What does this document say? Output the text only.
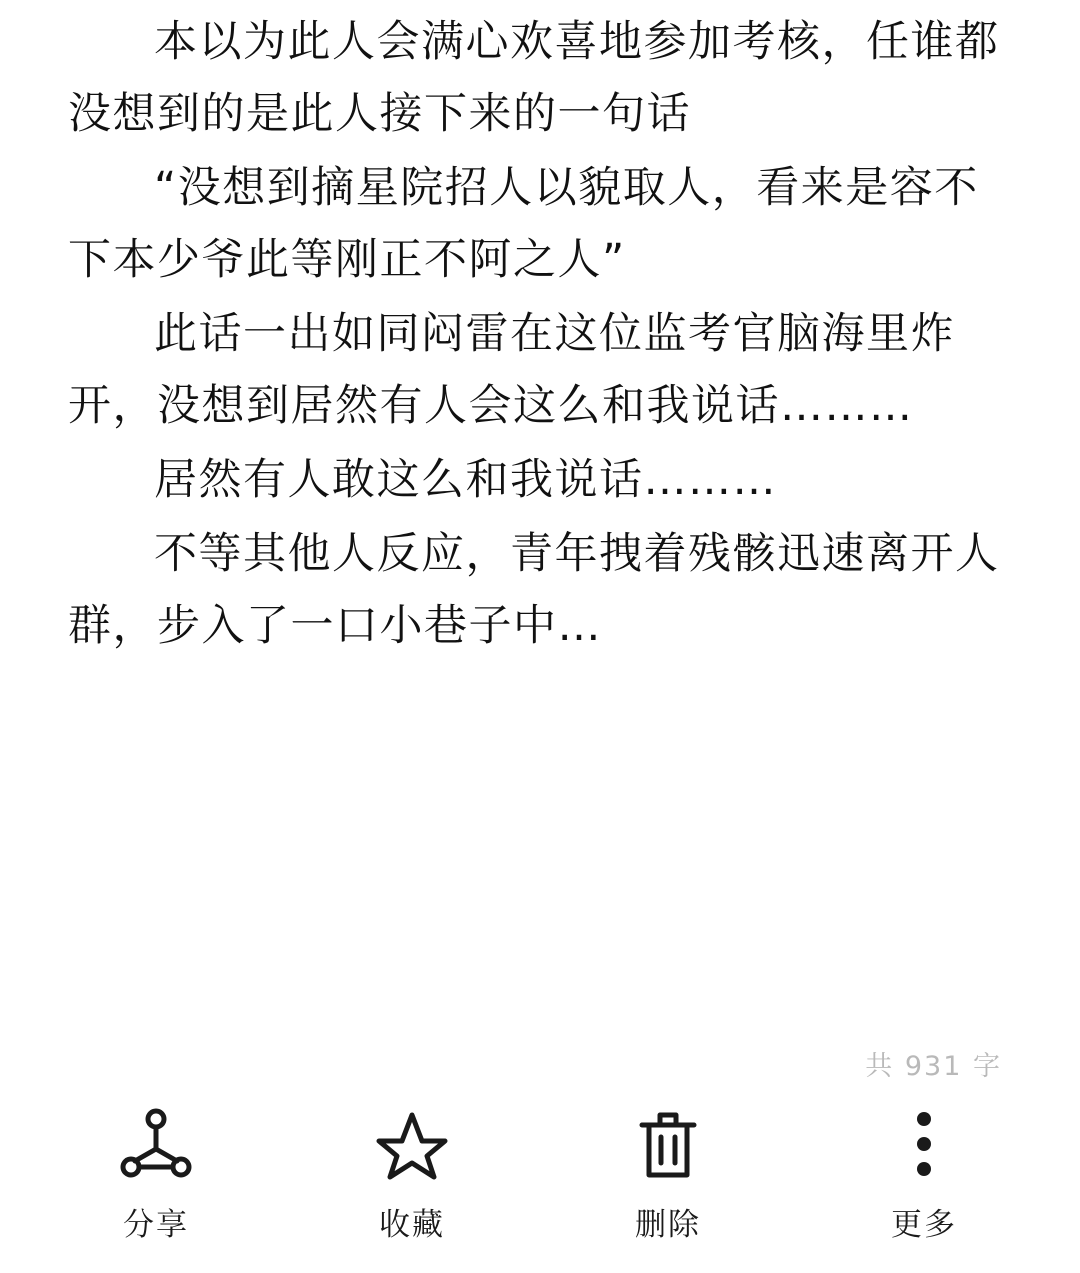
本以为此人会满心欢喜地参加考核，任谁都没想到的是此人接下来的一句话

“没想到摘星院招人以貌取人，看来是容不下本少爷此等刚正不阿之人”

此话一出如同闷雷在这位监考官脑海里炸开，没想到居然有人会这么和我说话………

居然有人敢这么和我说话………

不等其他人反应，青年拽着残骸迅速离开人群，步入了一口小巷子中…

共 931 字
分享	收藏	删除	更多
